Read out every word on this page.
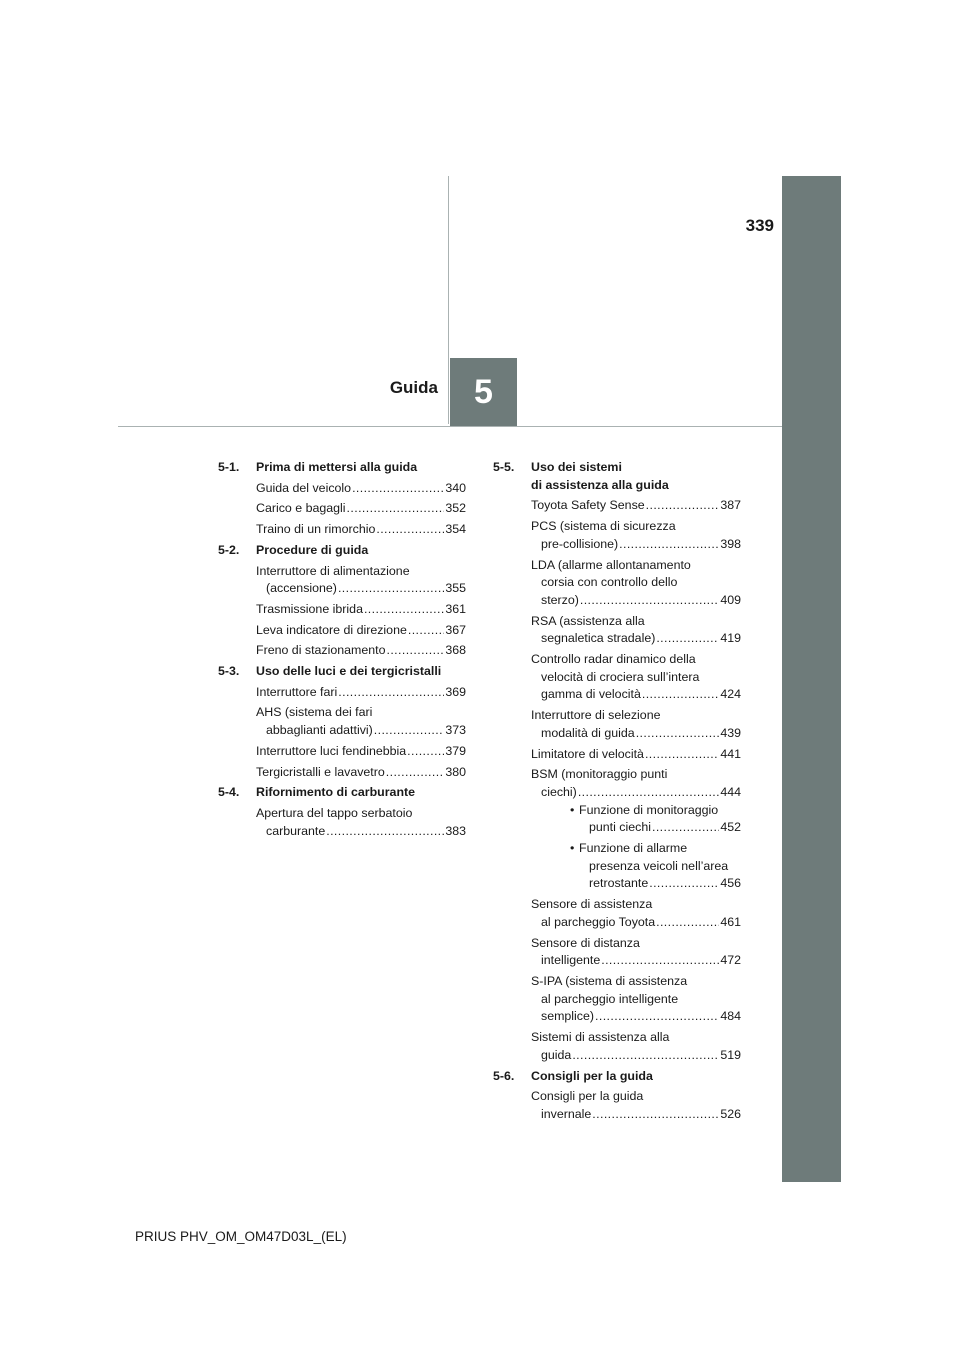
339
5
Guida
5-1.	Prima di mettersi alla guida
Guida del veicolo .....	340
Carico e bagagli .....	352
Traino di un rimorchio .....	354
5-2.	Procedure di guida
Interruttore di alimentazione
(accensione) .....	355
Trasmissione ibrida .....	361
Leva indicatore di direzione .....	367
Freno di stazionamento .....	368
5-3.	Uso delle luci e dei tergicristalli
Interruttore fari .....	369
AHS (sistema dei fari
abbaglianti adattivi) .....	373
Interruttore luci fendinebbia .....	379
Tergicristalli e lavavetro .....	380
5-4.	Rifornimento di carburante
Apertura del tappo serbatoio
carburante .....	383
5-5.	Uso dei sistemi
di assistenza alla guida
Toyota Safety Sense .....	387
PCS (sistema di sicurezza
pre-collisione) .....	398
LDA (allarme allontanamento
corsia con controllo dello
sterzo) .....	409
RSA (assistenza alla
segnaletica stradale) .....	419
Controllo radar dinamico della
velocità di crociera sull’intera
gamma di velocità .....	424
Interruttore di selezione
modalità di guida .....	439
Limitatore di velocità .....	441
BSM (monitoraggio punti
ciechi) .....	444
• Funzione di monitoraggio
punti ciechi .....	452
• Funzione di allarme
presenza veicoli nell’area
retrostante .....	456
Sensore di assistenza
al parcheggio Toyota .....	461
Sensore di distanza
intelligente .....	472
S-IPA (sistema di assistenza
al parcheggio intelligente
semplice) .....	484
Sistemi di assistenza alla
guida .....	519
5-6.	Consigli per la guida
Consigli per la guida
invernale .....	526
PRIUS PHV_OM_OM47D03L_(EL)
